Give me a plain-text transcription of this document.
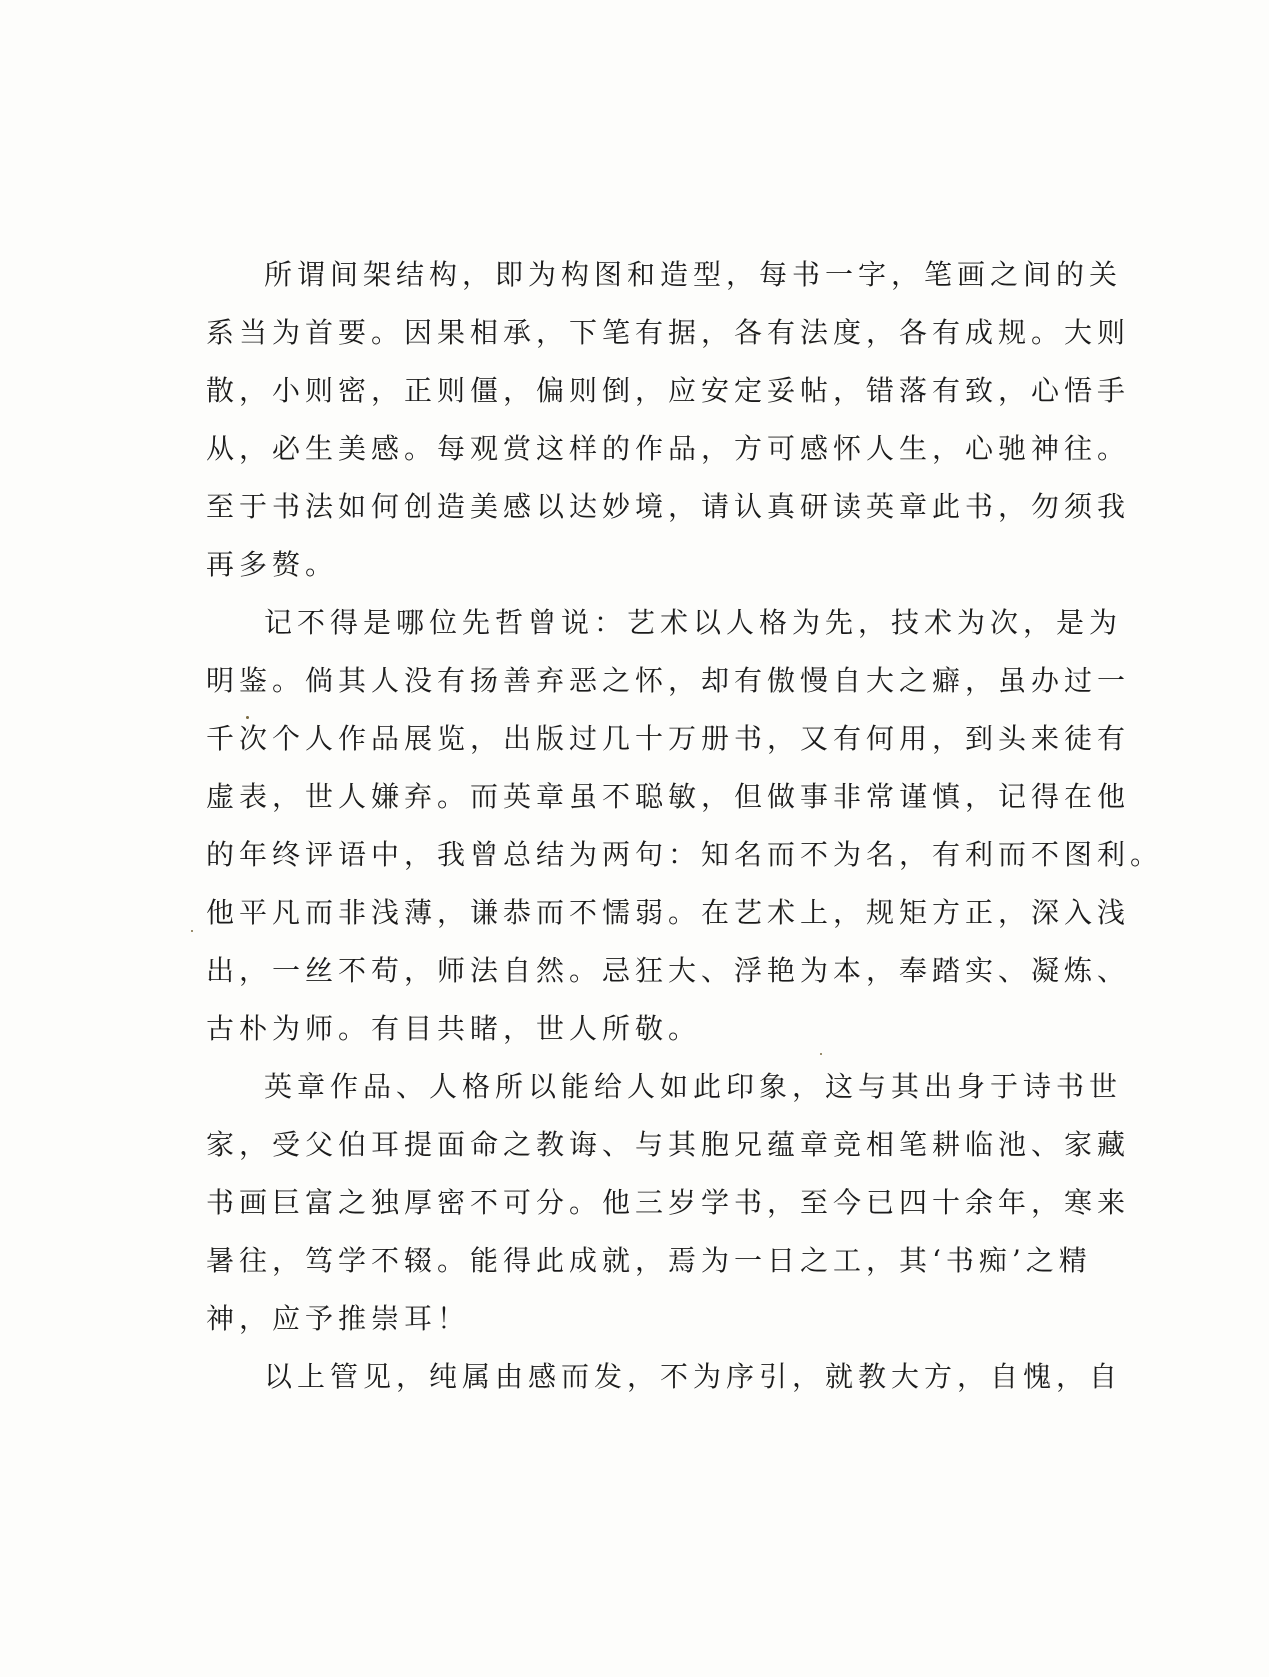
所谓间架结构，即为构图和造型，每书一字，笔画之间的关
系当为首要。因果相承，下笔有据，各有法度，各有成规。大则
散，小则密，正则僵，偏则倒，应安定妥帖，错落有致，心悟手
从，必生美感。每观赏这样的作品，方可感怀人生，心驰神往。
至于书法如何创造美感以达妙境，请认真研读英章此书，勿须我
再多赘。
记不得是哪位先哲曾说：艺术以人格为先，技术为次，是为
明鉴。倘其人没有扬善弃恶之怀，却有傲慢自大之癖，虽办过一
千次个人作品展览，出版过几十万册书，又有何用，到头来徒有
虚表，世人嫌弃。而英章虽不聪敏，但做事非常谨慎，记得在他
的年终评语中，我曾总结为两句：知名而不为名，有利而不图利。
他平凡而非浅薄，谦恭而不懦弱。在艺术上，规矩方正，深入浅
出，一丝不苟，师法自然。忌狂大、浮艳为本，奉踏实、凝炼、
古朴为师。有目共睹，世人所敬。
英章作品、人格所以能给人如此印象，这与其出身于诗书世
家，受父伯耳提面命之教诲、与其胞兄蕴章竞相笔耕临池、家藏
书画巨富之独厚密不可分。他三岁学书，至今已四十余年，寒来
暑往，笃学不辍。能得此成就，焉为一日之工，其‘书痴’之精
神，应予推崇耳！
以上管见，纯属由感而发，不为序引，就教大方，自愧，自
